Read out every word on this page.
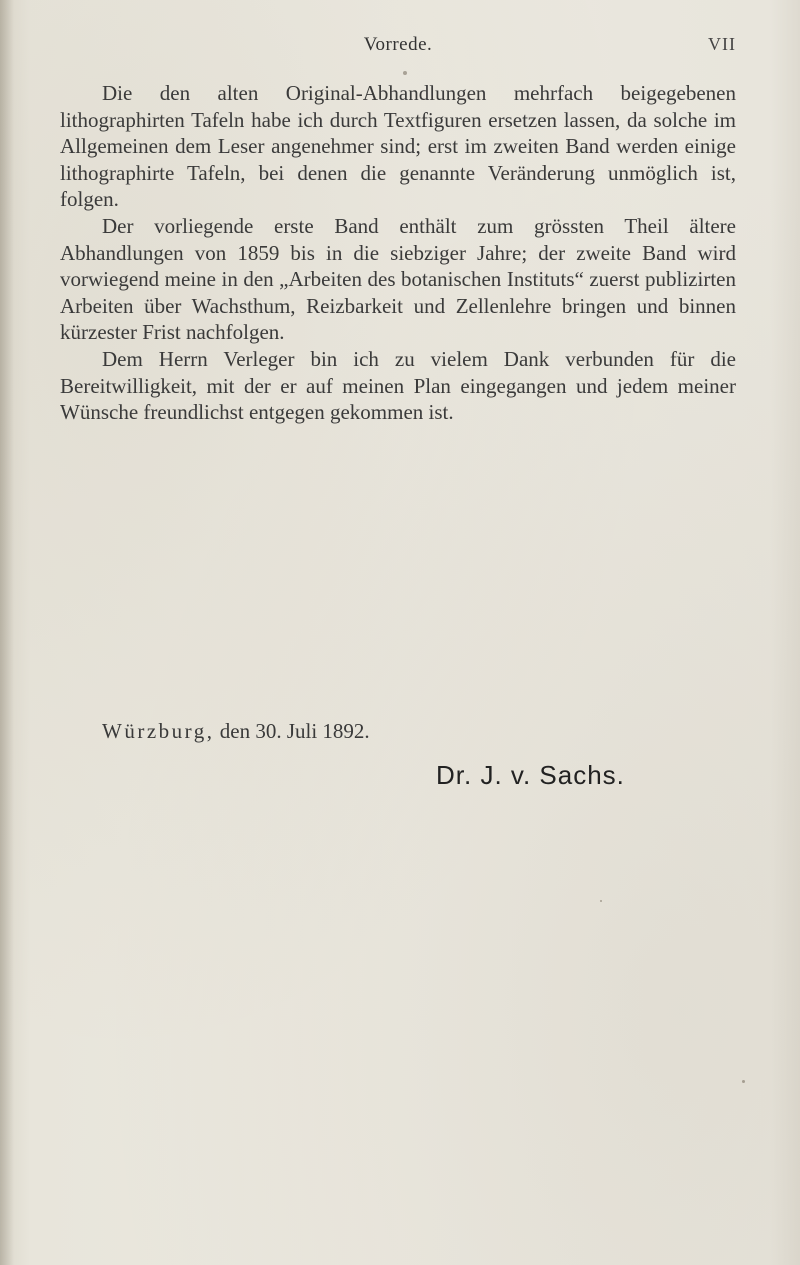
Vorrede.	VII

Die den alten Original-Abhandlungen mehrfach beigegebenen lithographirten Tafeln habe ich durch Textfiguren ersetzen lassen, da solche im Allgemeinen dem Leser angenehmer sind; erst im zweiten Band werden einige lithographirte Tafeln, bei denen die genannte Veränderung unmöglich ist, folgen.

Der vorliegende erste Band enthält zum grössten Theil ältere Abhandlungen von 1859 bis in die siebziger Jahre; der zweite Band wird vorwiegend meine in den „Arbeiten des botanischen Instituts“ zuerst publizirten Arbeiten über Wachsthum, Reizbarkeit und Zellenlehre bringen und binnen kürzester Frist nachfolgen.

Dem Herrn Verleger bin ich zu vielem Dank verbunden für die Bereitwilligkeit, mit der er auf meinen Plan eingegangen und jedem meiner Wünsche freundlichst entgegen gekommen ist.

Würzburg, den 30. Juli 1892.
Dr. J. v. Sachs.
